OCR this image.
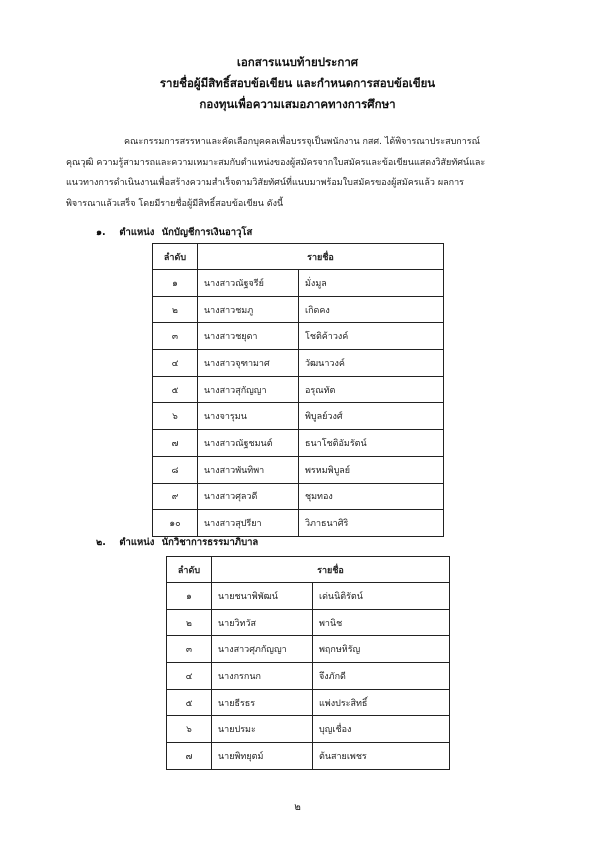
เอกสารแนบท้ายประกาศ
รายชื่อผู้มีสิทธิ์สอบข้อเขียน และกำหนดการสอบข้อเขียน
กองทุนเพื่อความเสมอภาคทางการศึกษา
คณะกรรมการสรรหาและคัดเลือกบุคคลเพื่อบรรจุเป็นพนักงาน กสศ. ได้พิจารณาประสบการณ์
คุณวุฒิ ความรู้สามารถและความเหมาะสมกับตำแหน่งของผู้สมัครจากใบสมัครและข้อเขียนแสดงวิสัยทัศน์และ
แนวทางการดำเนินงานเพื่อสร้างความสำเร็จตามวิสัยทัศน์ที่แนบมาพร้อมใบสมัครของผู้สมัครแล้ว ผลการ
พิจารณาแล้วเสร็จ โดยมีรายชื่อผู้มีสิทธิ์สอบข้อเขียน ดังนี้
๑. ตำแหน่ง นักบัญชีการเงินอาวุโส
ลำดับ	รายชื่อ	
๑	นางสาวณัฐจรีย์	มั่งมูล
๒	นางสาวชมภู	เกิดคง
๓	นางสาวชยุดา	โชติค้าวงค์
๔	นางสาวจุฑามาศ	วัฒนาวงค์
๕	นางสาวสุกัญญา	อรุณทัต
๖	นางจารุมน	พิบูลย์วงศ์
๗	นางสาวณัฐชมนต์	ธนาโชติอัมรัตน์
๘	นางสาวพันทิพา	พรหมพิบูลย์
๙	นางสาวศุลวดี	ชุมทอง
๑๐	นางสาวสุปรียา	วิภาธนาศิริ
๒. ตำแหน่ง นักวิชาการธรรมาภิบาล
ลำดับ	รายชื่อ	
๑	นายชนาพิพัฒน์	เด่นนิติรัตน์
๒	นายวิทวัส	พานิช
๓	นางสาวศุภกัญญา	พฤกษหิรัญ
๔	นางกรกนก	จึงภักดี
๕	นายธีรธร	แพ่งประสิทธิ์
๖	นายปรมะ	บุญเชื่อง
๗	นายพิทยุตม์	ต้นสายเพชร
๒
